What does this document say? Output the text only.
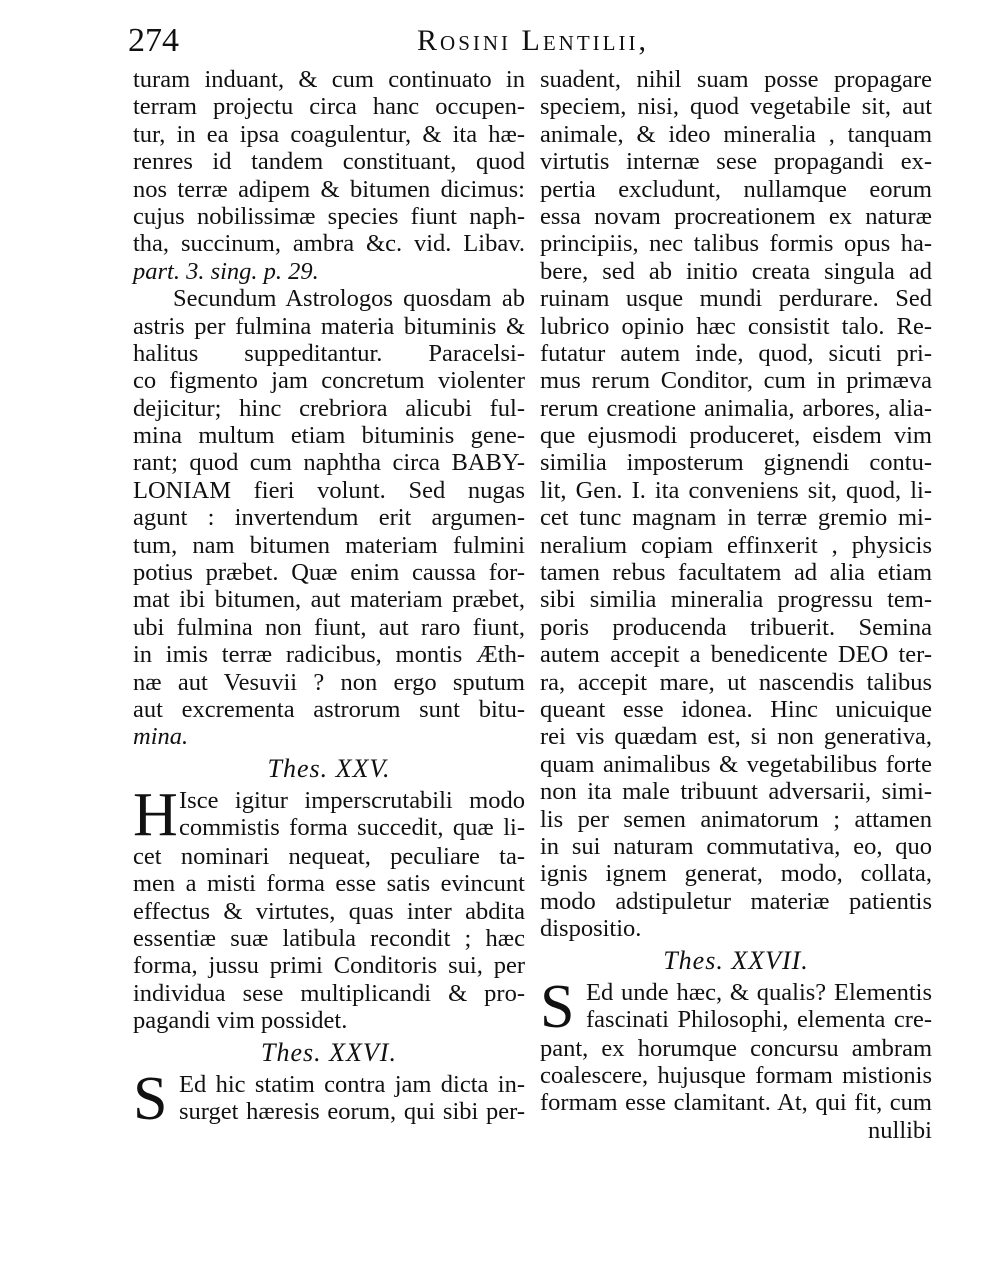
274	Rosini Lentilii,
turam induant, & cum continuato in
terram projectu circa hanc occupen-
tur, in ea ipsa coagulentur, & ita hæ-
renres id tandem constituant, quod
nos terræ adipem & bitumen dicimus:
cujus nobilissimæ species fiunt naph-
tha, succinum, ambra &c. vid. Libav.
part. 3. sing. p. 29.
Secundum Astrologos quosdam ab
astris per fulmina materia bituminis &
halitus suppeditantur. Paracelsi-
co figmento jam concretum violenter
dejicitur; hinc crebriora alicubi ful-
mina multum etiam bituminis gene-
rant; quod cum naphtha circa BABY-
LONIAM fieri volunt. Sed nugas
agunt : invertendum erit argumen-
tum, nam bitumen materiam fulmini
potius præbet. Quæ enim caussa for-
mat ibi bitumen, aut materiam præbet,
ubi fulmina non fiunt, aut raro fiunt,
in imis terræ radicibus, montis Æth-
næ aut Vesuvii ? non ergo sputum
aut excrementa astrorum sunt bitu-
mina.
Thes. XXV.
H Isce igitur imperscrutabili modo
commistis forma succedit, quæ li-
cet nominari nequeat, peculiare ta-
men a misti forma esse satis evincunt
effectus & virtutes, quas inter abdita
essentiæ suæ latibula recondit ; hæc
forma, jussu primi Conditoris sui, per
individua sese multiplicandi & pro-
pagandi vim possidet.
Thes. XXVI.
S Ed hic statim contra jam dicta in-
surget hæresis eorum, qui sibi per-
suadent, nihil suam posse propagare
speciem, nisi, quod vegetabile sit, aut
animale, & ideo mineralia , tanquam
virtutis internæ sese propagandi ex-
pertia excludunt, nullamque eorum
essa novam procreationem ex naturæ
principiis, nec talibus formis opus ha-
bere, sed ab initio creata singula ad
ruinam usque mundi perdurare. Sed
lubrico opinio hæc consistit talo. Re-
futatur autem inde, quod, sicuti pri-
mus rerum Conditor, cum in primæva
rerum creatione animalia, arbores, alia-
que ejusmodi produceret, eisdem vim
similia imposterum gignendi contu-
lit, Gen. I. ita conveniens sit, quod, li-
cet tunc magnam in terræ gremio mi-
neralium copiam effinxerit , physicis
tamen rebus facultatem ad alia etiam
sibi similia mineralia progressu tem-
poris producenda tribuerit. Semina
autem accepit a benedicente DEO ter-
ra, accepit mare, ut nascendis talibus
queant esse idonea. Hinc unicuique
rei vis quædam est, si non generativa,
quam animalibus & vegetabilibus forte
non ita male tribuunt adversarii, simi-
lis per semen animatorum ; attamen
in sui naturam commutativa, eo, quo
ignis ignem generat, modo, collata,
modo adstipuletur materiæ patientis
dispositio.
Thes. XXVII.
S Ed unde hæc, & qualis? Elementis
fascinati Philosophi, elementa cre-
pant, ex horumque concursu ambram
coalescere, hujusque formam mistionis
formam esse clamitant. At, qui fit, cum
nullibi
